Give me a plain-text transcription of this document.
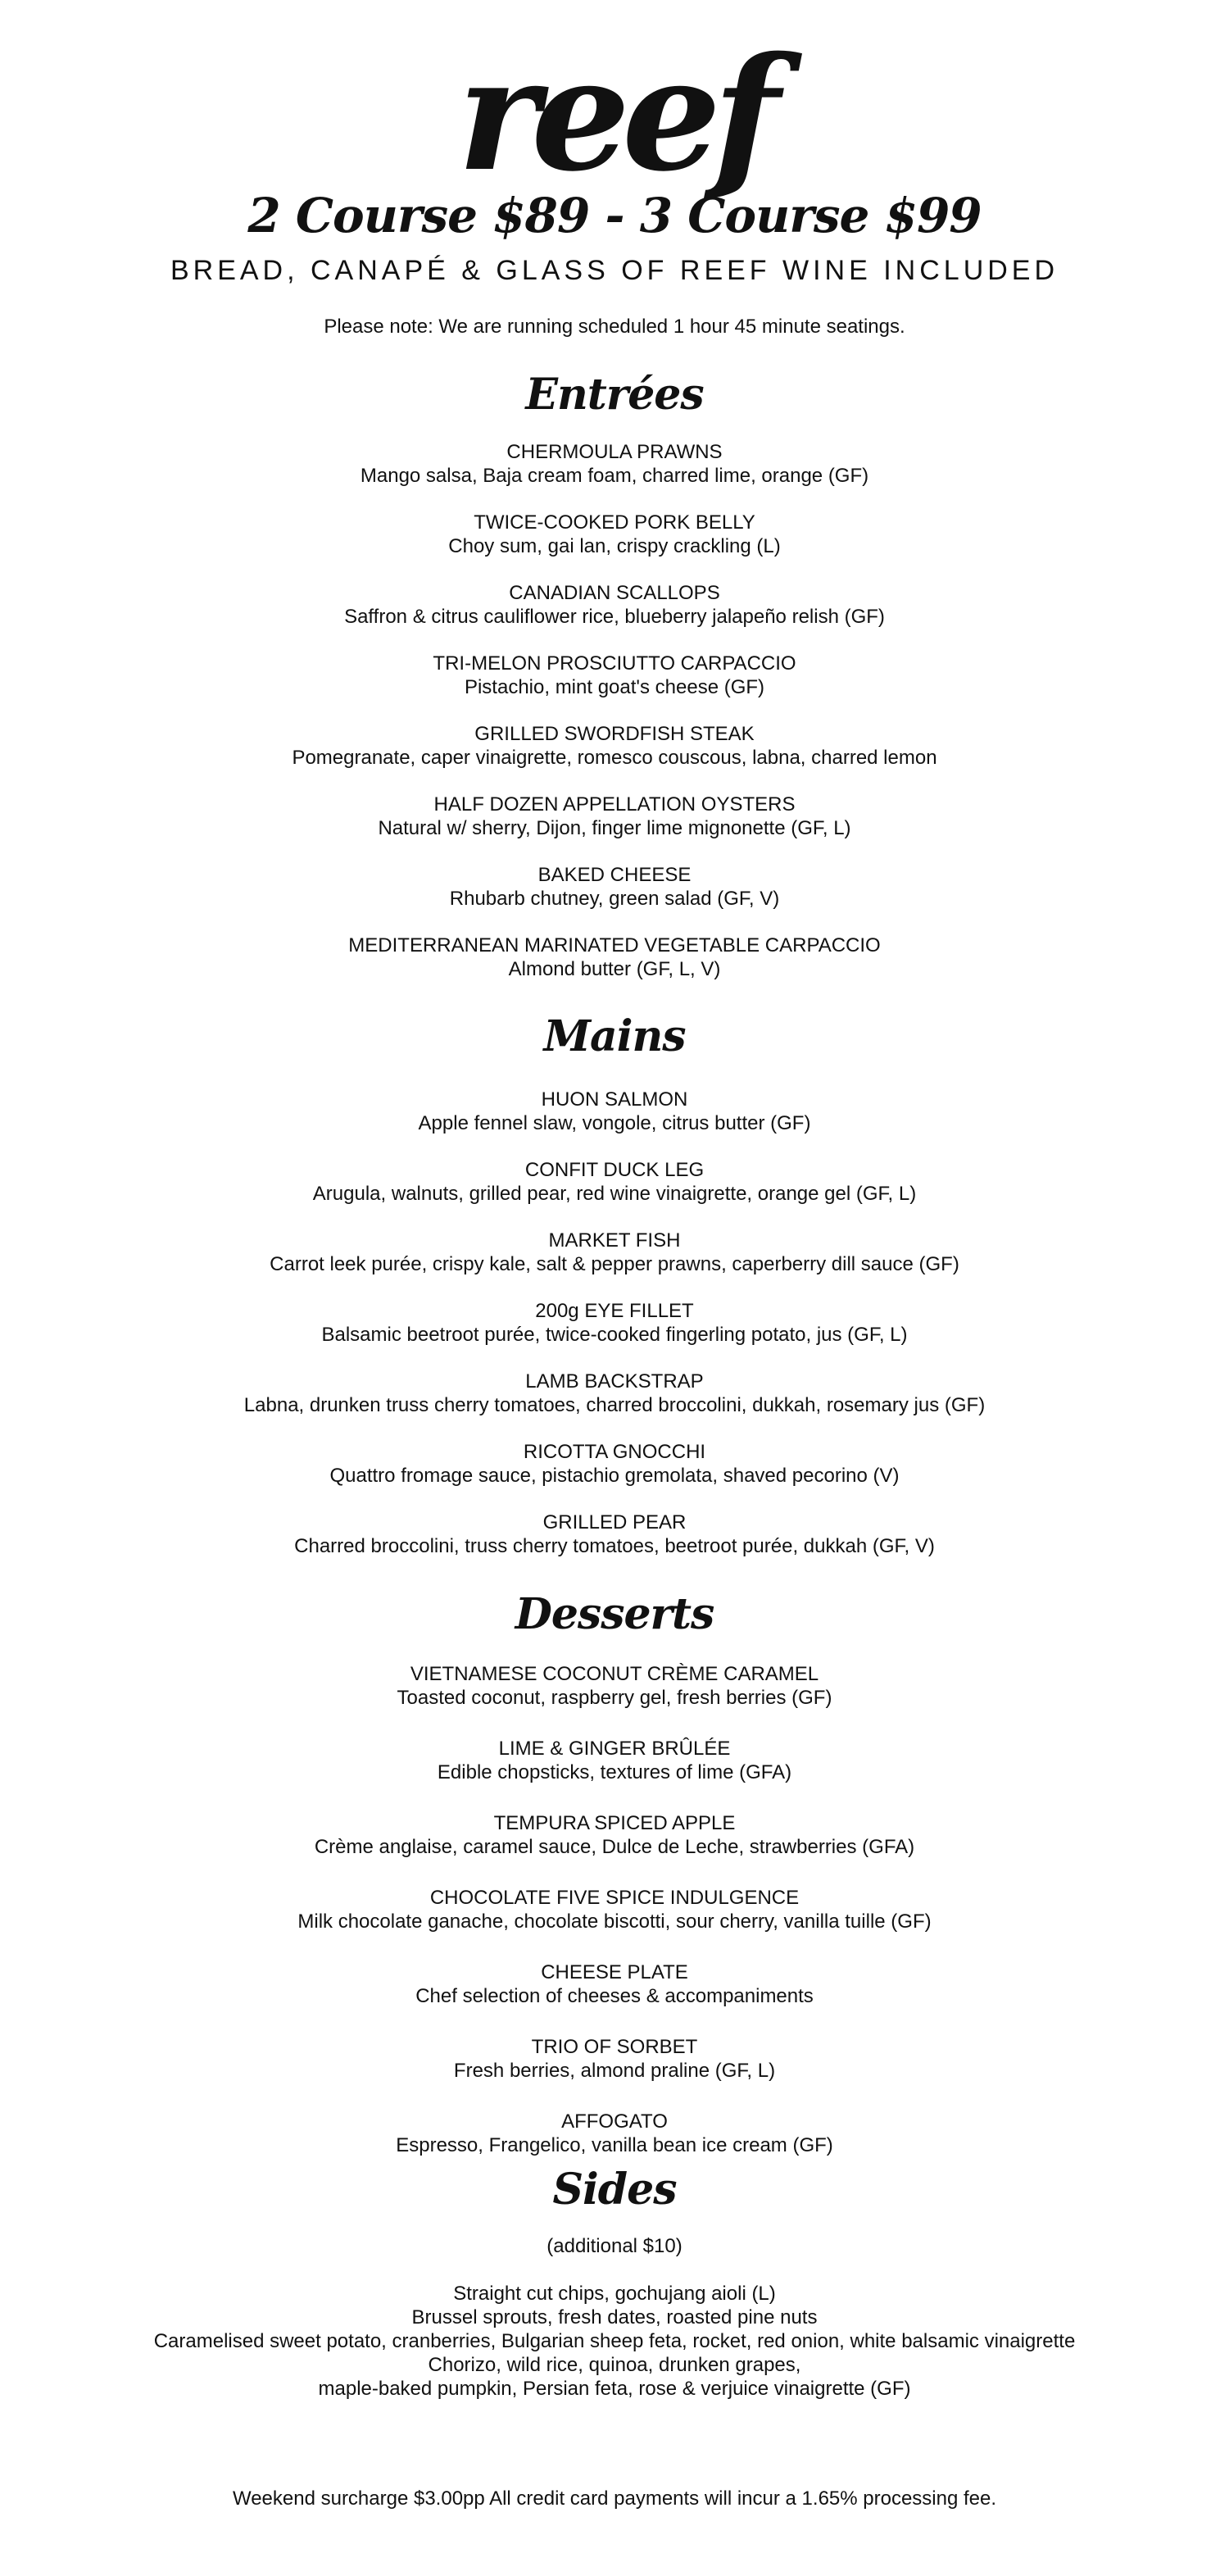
reef
2 Course $89 - 3 Course $99
BREAD, CANAPÉ & GLASS OF REEF WINE INCLUDED
Please note: We are running scheduled 1 hour 45 minute seatings.
Entrées
CHERMOULA PRAWNS
Mango salsa, Baja cream foam, charred lime, orange (GF)
TWICE-COOKED PORK BELLY
Choy sum, gai lan, crispy crackling (L)
CANADIAN SCALLOPS
Saffron & citrus cauliflower rice, blueberry jalapeño relish (GF)
TRI-MELON PROSCIUTTO CARPACCIO
Pistachio, mint goat's cheese (GF)
GRILLED SWORDFISH STEAK
Pomegranate, caper vinaigrette, romesco couscous, labna, charred lemon
HALF DOZEN APPELLATION OYSTERS
Natural w/ sherry, Dijon, finger lime mignonette (GF, L)
BAKED CHEESE
Rhubarb chutney, green salad (GF, V)
MEDITERRANEAN MARINATED VEGETABLE CARPACCIO
Almond butter (GF, L, V)
Mains
HUON SALMON
Apple fennel slaw, vongole, citrus butter (GF)
CONFIT DUCK LEG
Arugula, walnuts, grilled pear, red wine vinaigrette, orange gel (GF, L)
MARKET FISH
Carrot leek purée, crispy kale, salt & pepper prawns, caperberry dill sauce (GF)
200g EYE FILLET
Balsamic beetroot purée, twice-cooked fingerling potato, jus (GF, L)
LAMB BACKSTRAP
Labna, drunken truss cherry tomatoes, charred broccolini, dukkah, rosemary jus (GF)
RICOTTA GNOCCHI
Quattro fromage sauce, pistachio gremolata, shaved pecorino (V)
GRILLED PEAR
Charred broccolini, truss cherry tomatoes, beetroot purée, dukkah (GF, V)
Desserts
VIETNAMESE COCONUT CRÈME CARAMEL
Toasted coconut, raspberry gel, fresh berries (GF)
LIME & GINGER BRÛLÉE
Edible chopsticks, textures of lime (GFA)
TEMPURA SPICED APPLE
Crème anglaise, caramel sauce, Dulce de Leche, strawberries (GFA)
CHOCOLATE FIVE SPICE INDULGENCE
Milk chocolate ganache, chocolate biscotti, sour cherry, vanilla tuille (GF)
CHEESE PLATE
Chef selection of cheeses & accompaniments
TRIO OF SORBET
Fresh berries, almond praline (GF, L)
AFFOGATO
Espresso, Frangelico, vanilla bean ice cream (GF)
Sides
(additional $10)
Straight cut chips, gochujang aioli (L)
Brussel sprouts, fresh dates, roasted pine nuts
Caramelised sweet potato, cranberries, Bulgarian sheep feta, rocket, red onion, white balsamic vinaigrette
Chorizo, wild rice, quinoa, drunken grapes,
maple-baked pumpkin, Persian feta, rose & verjuice vinaigrette (GF)
Weekend surcharge $3.00pp All credit card payments will incur a 1.65% processing fee.
